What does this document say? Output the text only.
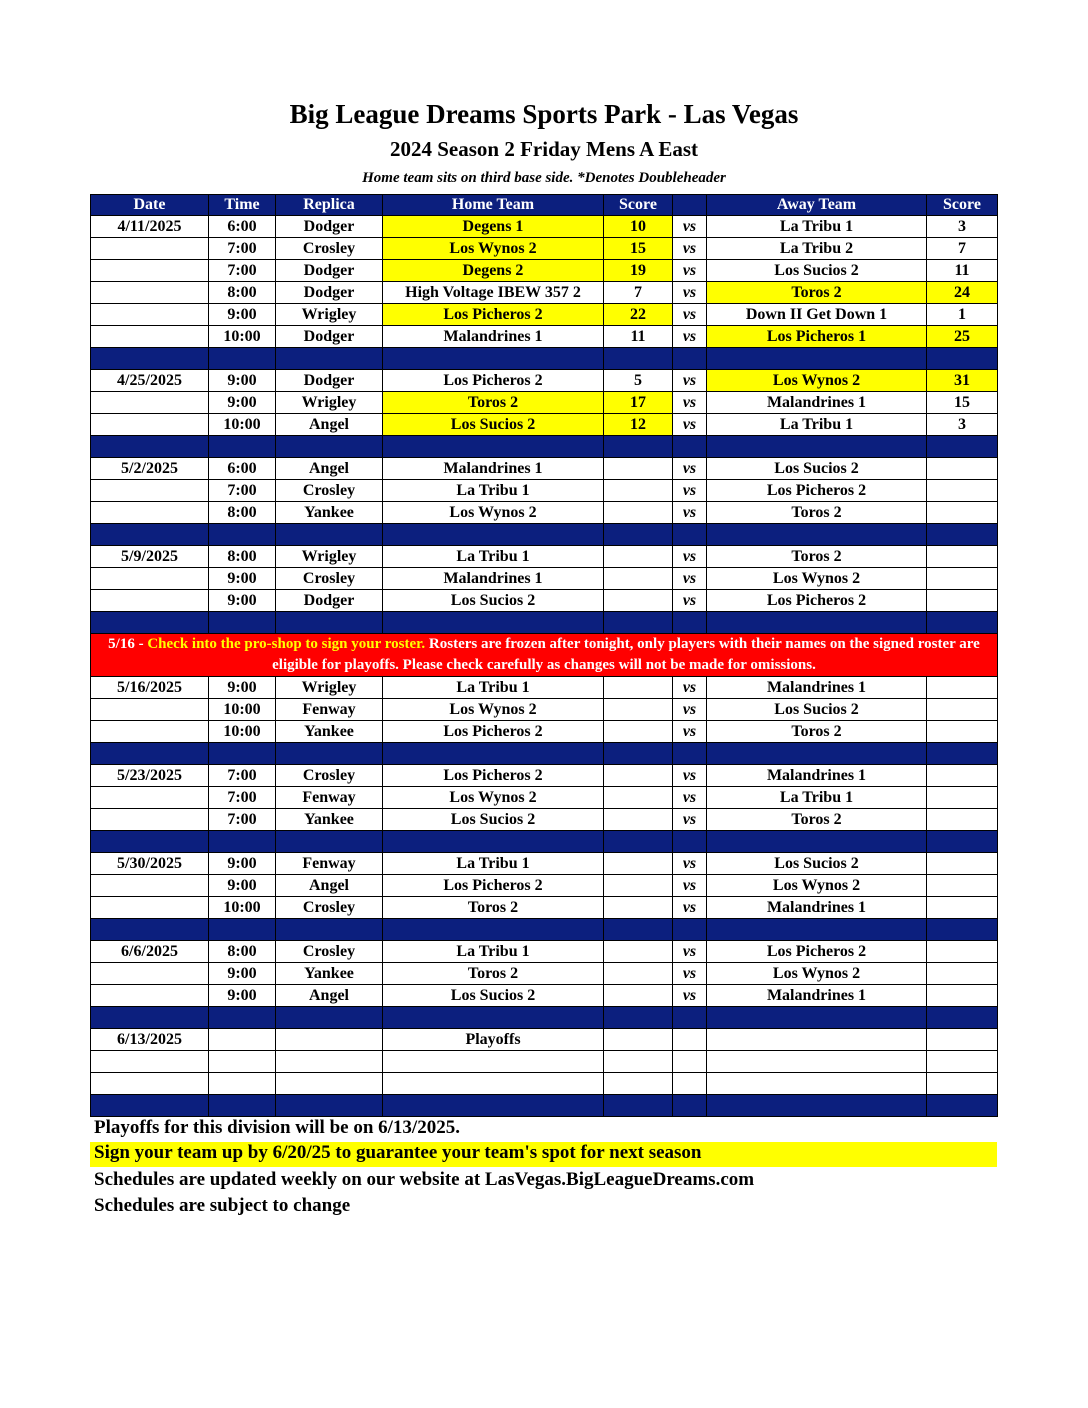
Big League Dreams Sports Park - Las Vegas
2024 Season 2 Friday Mens A East
Home team sits on third base side. *Denotes Doubleheader
Date	Time	Replica	Home Team	Score		Away Team	Score
4/11/2025	6:00	Dodger	Degens 1	10	vs	La Tribu 1	3
	7:00	Crosley	Los Wynos 2	15	vs	La Tribu 2	7
	7:00	Dodger	Degens 2	19	vs	Los Sucios 2	11
	8:00	Dodger	High Voltage IBEW 357 2	7	vs	Toros 2	24
	9:00	Wrigley	Los Picheros 2	22	vs	Down II Get Down 1	1
	10:00	Dodger	Malandrines 1	11	vs	Los Picheros 1	25

4/25/2025	9:00	Dodger	Los Picheros 2	5	vs	Los Wynos 2	31
	9:00	Wrigley	Toros 2	17	vs	Malandrines 1	15
	10:00	Angel	Los Sucios 2	12	vs	La Tribu 1	3

5/2/2025	6:00	Angel	Malandrines 1		vs	Los Sucios 2	
	7:00	Crosley	La Tribu 1		vs	Los Picheros 2	
	8:00	Yankee	Los Wynos 2		vs	Toros 2	

5/9/2025	8:00	Wrigley	La Tribu 1		vs	Toros 2	
	9:00	Crosley	Malandrines 1		vs	Los Wynos 2	
	9:00	Dodger	Los Sucios 2		vs	Los Picheros 2	

5/16 - Check into the pro-shop to sign your roster. Rosters are frozen after tonight, only players with their names on the signed roster are eligible for playoffs. Please check carefully as changes will not be made for omissions.							
5/16/2025	9:00	Wrigley	La Tribu 1		vs	Malandrines 1	
	10:00	Fenway	Los Wynos 2		vs	Los Sucios 2	
	10:00	Yankee	Los Picheros 2		vs	Toros 2	

5/23/2025	7:00	Crosley	Los Picheros 2		vs	Malandrines 1	
	7:00	Fenway	Los Wynos 2		vs	La Tribu 1	
	7:00	Yankee	Los Sucios 2		vs	Toros 2	

5/30/2025	9:00	Fenway	La Tribu 1		vs	Los Sucios 2	
	9:00	Angel	Los Picheros 2		vs	Los Wynos 2	
	10:00	Crosley	Toros 2		vs	Malandrines 1	

6/6/2025	8:00	Crosley	La Tribu 1		vs	Los Picheros 2	
	9:00	Yankee	Toros 2		vs	Los Wynos 2	
	9:00	Angel	Los Sucios 2		vs	Malandrines 1	

6/13/2025			Playoffs				

Playoffs for this division will be on 6/13/2025.
Sign your team up by 6/20/25 to guarantee your team's spot for next season
Schedules are updated weekly on our website at LasVegas.BigLeagueDreams.com
Schedules are subject to change
